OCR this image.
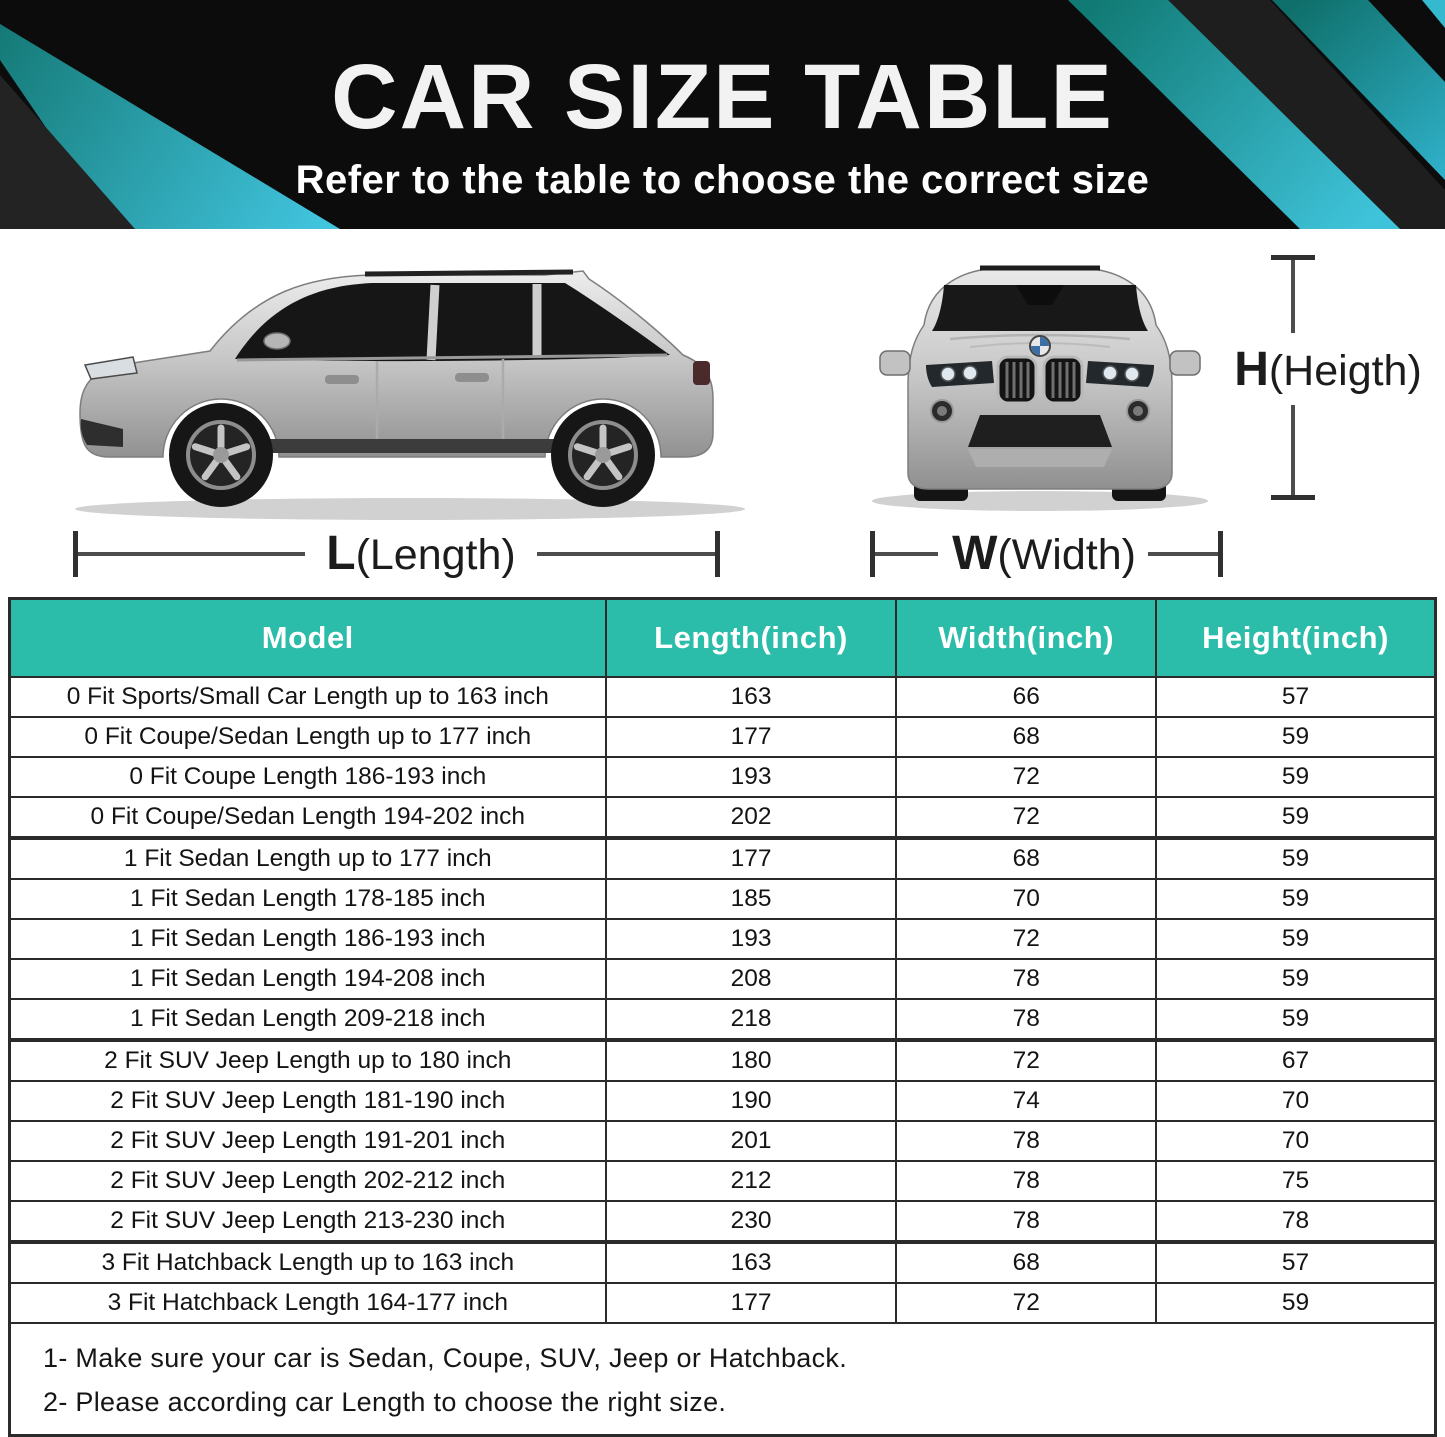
CAR SIZE TABLE

Refer to the table to choose the correct size

L(Length)	W(Width)
H(Heigth)
Model	Length(inch)	Width(inch)	Height(inch)
0 Fit Sports/Small Car Length up to 163 inch	163	66	57
0 Fit Coupe/Sedan Length up to 177 inch	177	68	59
0 Fit Coupe Length 186-193 inch	193	72	59
0 Fit Coupe/Sedan Length 194-202 inch	202	72	59
1 Fit Sedan Length up to 177 inch	177	68	59
1 Fit Sedan Length 178-185 inch	185	70	59
1 Fit Sedan Length 186-193 inch	193	72	59
1 Fit Sedan Length 194-208 inch	208	78	59
1 Fit Sedan Length 209-218 inch	218	78	59
2 Fit SUV Jeep Length up to 180 inch	180	72	67
2 Fit SUV Jeep Length 181-190 inch	190	74	70
2 Fit SUV Jeep Length 191-201 inch	201	78	70
2 Fit SUV Jeep Length 202-212 inch	212	78	75
2 Fit SUV Jeep Length 213-230 inch	230	78	78
3 Fit Hatchback Length up to 163 inch	163	68	57
3 Fit Hatchback Length 164-177 inch	177	72	59

1- Make sure your car is Sedan, Coupe, SUV, Jeep or Hatchback.
2- Please according car Length to choose the right size.			
